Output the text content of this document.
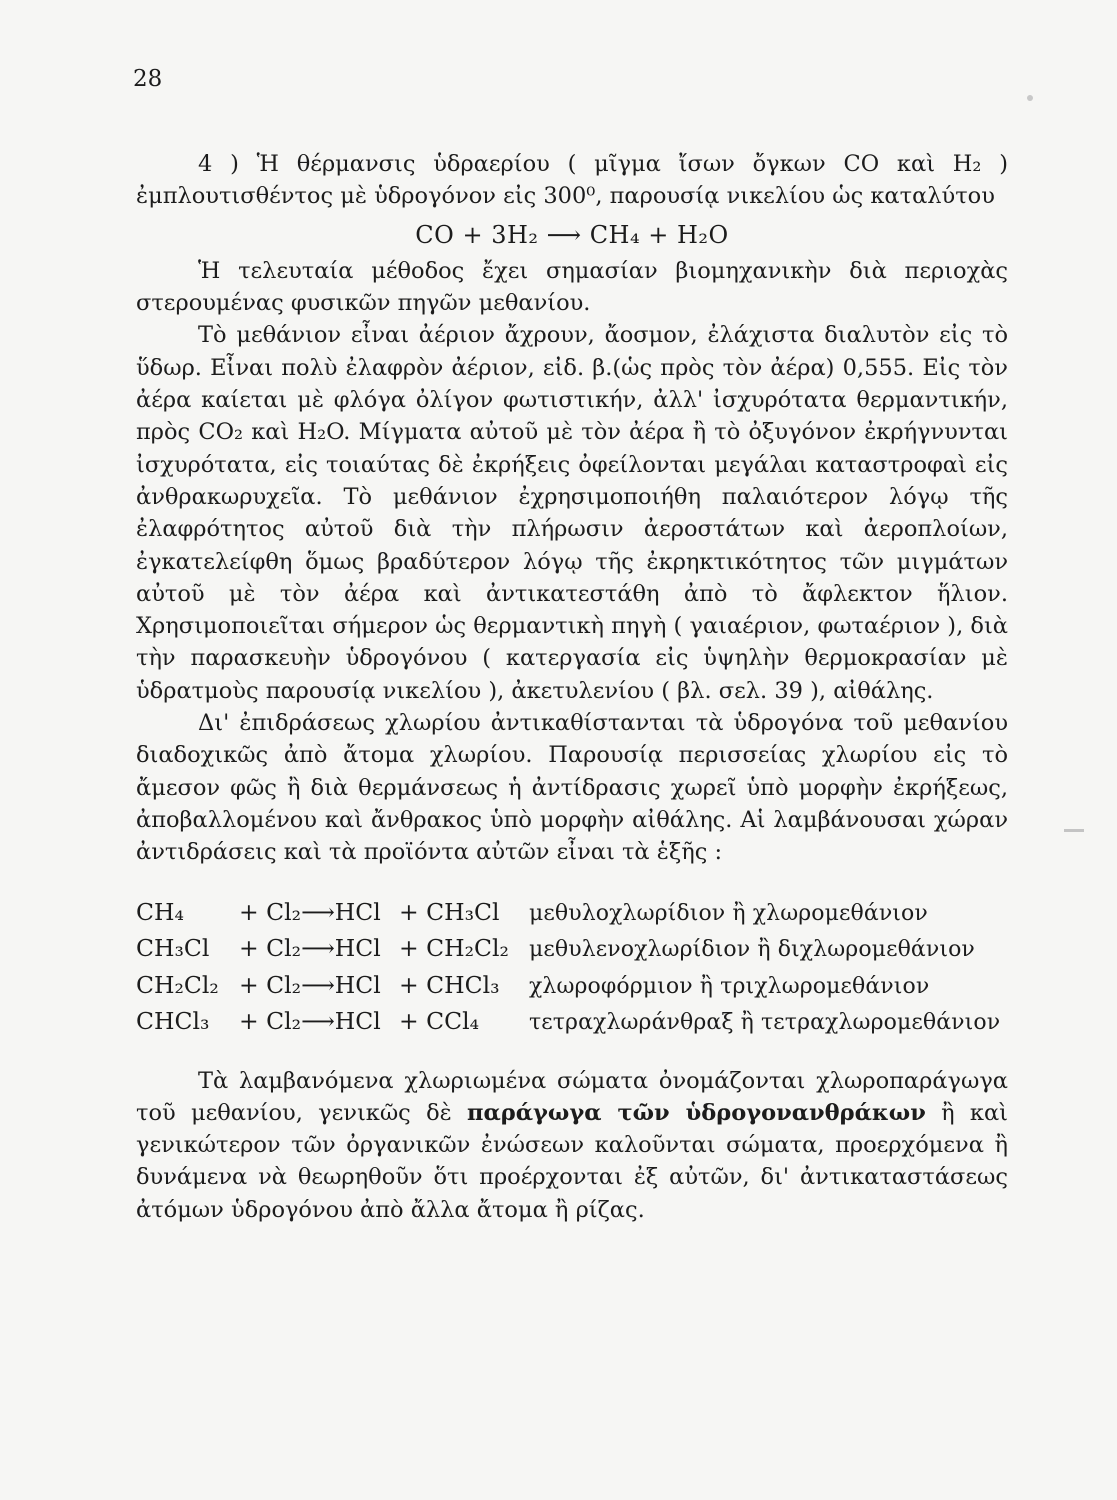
28

4 ) Ἡ θέρμανσις ὑδραερίου ( μῖγμα ἴσων ὄγκων CO καὶ H₂ ) ἐμπλουτισθέντος μὲ ὑδρογόνον εἰς 300⁰, παρουσίᾳ νικελίου ὡς καταλύτου

CO + 3H₂ ⟶ CH₄ + H₂O

Ἡ τελευταία μέθοδος ἔχει σημασίαν βιομηχανικὴν διὰ περιοχὰς στερουμένας φυσικῶν πηγῶν μεθανίου.

Τὸ μεθάνιον εἶναι ἀέριον ἄχρουν, ἄοσμον, ἐλάχιστα διαλυτὸν εἰς τὸ ὕδωρ. Εἶναι πολὺ ἐλαφρὸν ἀέριον, εἰδ. β.(ὡς πρὸς τὸν ἀέρα) 0,555. Εἰς τὸν ἀέρα καίεται μὲ φλόγα ὀλίγον φωτιστικήν, ἀλλ' ἰσχυρότατα θερμαντικήν, πρὸς CO₂ καὶ H₂O. Μίγματα αὐτοῦ μὲ τὸν ἀέρα ἢ τὸ ὀξυγόνον ἐκρήγνυνται ἰσχυρότατα, εἰς τοιαύτας δὲ ἐκρήξεις ὀφείλονται μεγάλαι καταστροφαὶ εἰς ἀνθρακωρυχεῖα. Τὸ μεθάνιον ἐχρησιμοποιήθη παλαιότερον λόγῳ τῆς ἐλαφρότητος αὐτοῦ διὰ τὴν πλήρωσιν ἀεροστάτων καὶ ἀεροπλοίων, ἐγκατελείφθη ὅμως βραδύτερον λόγῳ τῆς ἐκρηκτικότητος τῶν μιγμάτων αὐτοῦ μὲ τὸν ἀέρα καὶ ἀντικατεστάθη ἀπὸ τὸ ἄφλεκτον ἥλιον. Χρησιμοποιεῖται σήμερον ὡς θερμαντικὴ πηγὴ ( γαιαέριον, φωταέριον ), διὰ τὴν παρασκευὴν ὑδρογόνου ( κατεργασία εἰς ὑψηλὴν θερμοκρασίαν μὲ ὑδρατμοὺς παρουσίᾳ νικελίου ), ἀκετυλενίου ( βλ. σελ. 39 ), αἰθάλης.

Δι' ἐπιδράσεως χλωρίου ἀντικαθίστανται τὰ ὑδρογόνα τοῦ μεθανίου διαδοχικῶς ἀπὸ ἄτομα χλωρίου. Παρουσίᾳ περισσείας χλωρίου εἰς τὸ ἄμεσον φῶς ἢ διὰ θερμάνσεως ἡ ἀντίδρασις χωρεῖ ὑπὸ μορφὴν ἐκρήξεως, ἀποβαλλομένου καὶ ἄνθρακος ὑπὸ μορφὴν αἰθάλης. Αἱ λαμβάνουσαι χώραν ἀντιδράσεις καὶ τὰ προϊόντα αὐτῶν εἶναι τὰ ἑξῆς :

CH₄	+ Cl₂⟶HCl + CH₃Cl	μεθυλοχλωρίδιον ἢ χλωρομεθάνιον
CH₃Cl	+ Cl₂⟶HCl + CH₂Cl₂ μεθυλενοχλωρίδιον ἢ διχλωρομεθάνιον
CH₂Cl₂ + Cl₂⟶HCl + CHCl₃	χλωροφόρμιον ἢ τριχλωρομεθάνιον
CHCl₃	+ Cl₂⟶HCl + CCl₄	τετραχλωράνθραξ ἢ τετραχλωρομεθάνιον

Τὰ λαμβανόμενα χλωριωμένα σώματα ὀνομάζονται χλωροπαράγωγα τοῦ μεθανίου, γενικῶς δὲ παράγωγα τῶν ὑδρογονανθράκων ἢ καὶ γενικώτερον τῶν ὀργανικῶν ἐνώσεων καλοῦνται σώματα, προερχόμενα ἢ δυνάμενα νὰ θεωρηθοῦν ὅτι προέρχονται ἐξ αὐτῶν, δι' ἀντικαταστάσεως ἀτόμων ὑδρογόνου ἀπὸ ἄλλα ἄτομα ἢ ρίζας.
